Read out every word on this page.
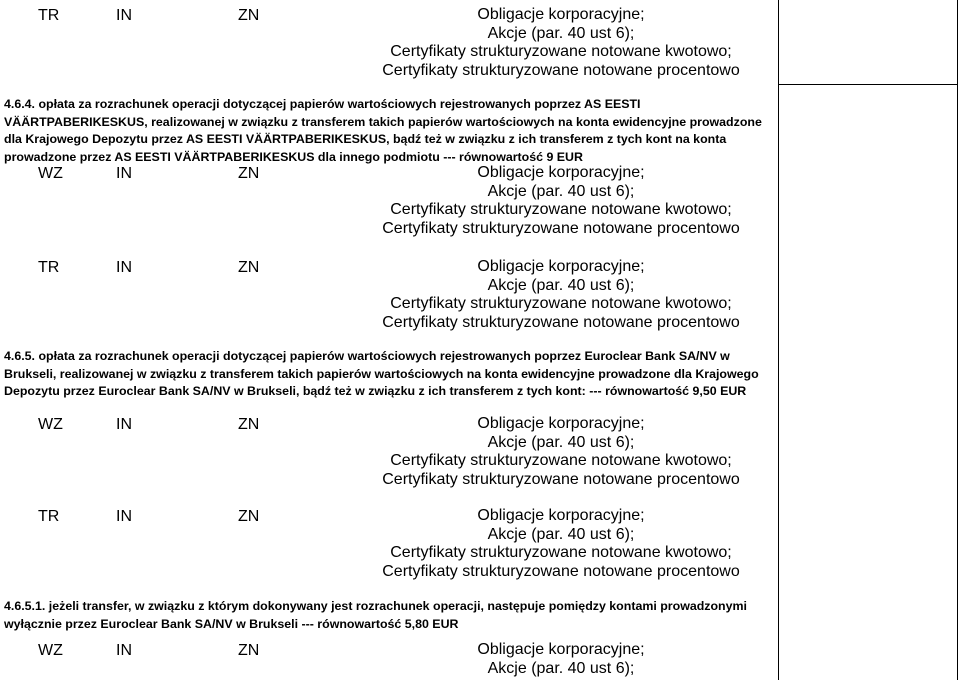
TR	IN	ZN	Obligacje korporacyjne;
Akcje (par. 40 ust 6);
Certyfikaty strukturyzowane notowane kwotowo;
Certyfikaty strukturyzowane notowane procentowo
4.6.4. opłata za rozrachunek operacji dotyczącej papierów wartościowych rejestrowanych poprzez AS EESTI VÄÄRTPABERIKESKUS, realizowanej w związku z transferem takich papierów wartościowych na konta ewidencyjne prowadzone dla Krajowego Depozytu przez AS EESTI VÄÄRTPABERIKESKUS, bądź też w związku z ich transferem z tych kont na konta prowadzone przez AS EESTI VÄÄRTPABERIKESKUS dla innego podmiotu --- równowartość 9 EUR
WZ	IN	ZN	Obligacje korporacyjne;
Akcje (par. 40 ust 6);
Certyfikaty strukturyzowane notowane kwotowo;
Certyfikaty strukturyzowane notowane procentowo
TR	IN	ZN	Obligacje korporacyjne;
Akcje (par. 40 ust 6);
Certyfikaty strukturyzowane notowane kwotowo;
Certyfikaty strukturyzowane notowane procentowo
4.6.5. opłata za rozrachunek operacji dotyczącej papierów wartościowych rejestrowanych poprzez Euroclear Bank SA/NV w Brukseli, realizowanej w związku z transferem takich papierów wartościowych na konta ewidencyjne prowadzone dla Krajowego Depozytu przez Euroclear Bank SA/NV w Brukseli, bądź też w związku z ich transferem z tych kont: --- równowartość 9,50 EUR
WZ	IN	ZN	Obligacje korporacyjne;
Akcje (par. 40 ust 6);
Certyfikaty strukturyzowane notowane kwotowo;
Certyfikaty strukturyzowane notowane procentowo
TR	IN	ZN	Obligacje korporacyjne;
Akcje (par. 40 ust 6);
Certyfikaty strukturyzowane notowane kwotowo;
Certyfikaty strukturyzowane notowane procentowo
4.6.5.1. jeżeli transfer, w związku z którym dokonywany jest rozrachunek operacji, następuje pomiędzy kontami prowadzonymi wyłącznie przez Euroclear Bank SA/NV w Brukseli --- równowartość 5,80 EUR
WZ	IN	ZN	Obligacje korporacyjne;
Akcje (par. 40 ust 6);
